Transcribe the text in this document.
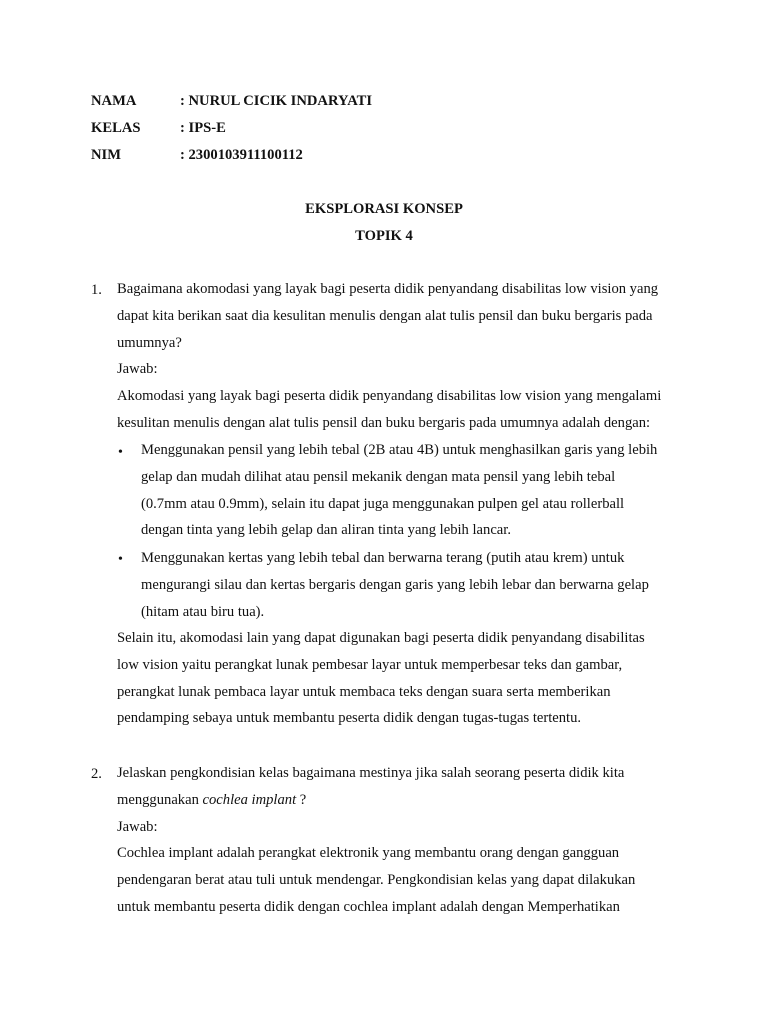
NAMA	: NURUL CICIK INDARYATI
KELAS	: IPS-E
NIM	: 2300103911100112
EKSPLORASI KONSEP
TOPIK 4
1. Bagaimana akomodasi yang layak bagi peserta didik penyandang disabilitas low vision yang
dapat kita berikan saat dia kesulitan menulis dengan alat tulis pensil dan buku bergaris pada
umumnya?
Jawab:
Akomodasi yang layak bagi peserta didik penyandang disabilitas low vision yang mengalami
kesulitan menulis dengan alat tulis pensil dan buku bergaris pada umumnya adalah dengan:
• Menggunakan pensil yang lebih tebal (2B atau 4B) untuk menghasilkan garis yang lebih
gelap dan mudah dilihat atau pensil mekanik dengan mata pensil yang lebih tebal
(0.7mm atau 0.9mm), selain itu dapat juga menggunakan pulpen gel atau rollerball
dengan tinta yang lebih gelap dan aliran tinta yang lebih lancar.
• Menggunakan kertas yang lebih tebal dan berwarna terang (putih atau krem) untuk
mengurangi silau dan kertas bergaris dengan garis yang lebih lebar dan berwarna gelap
(hitam atau biru tua).
Selain itu, akomodasi lain yang dapat digunakan bagi peserta didik penyandang disabilitas
low vision yaitu perangkat lunak pembesar layar untuk memperbesar teks dan gambar,
perangkat lunak pembaca layar untuk membaca teks dengan suara serta memberikan
pendamping sebaya untuk membantu peserta didik dengan tugas-tugas tertentu.
2. Jelaskan pengkondisian kelas bagaimana mestinya jika salah seorang peserta didik kita
menggunakan cochlea implant ?
Jawab:
Cochlea implant adalah perangkat elektronik yang membantu orang dengan gangguan
pendengaran berat atau tuli untuk mendengar. Pengkondisian kelas yang dapat dilakukan
untuk membantu peserta didik dengan cochlea implant adalah dengan Memperhatikan
